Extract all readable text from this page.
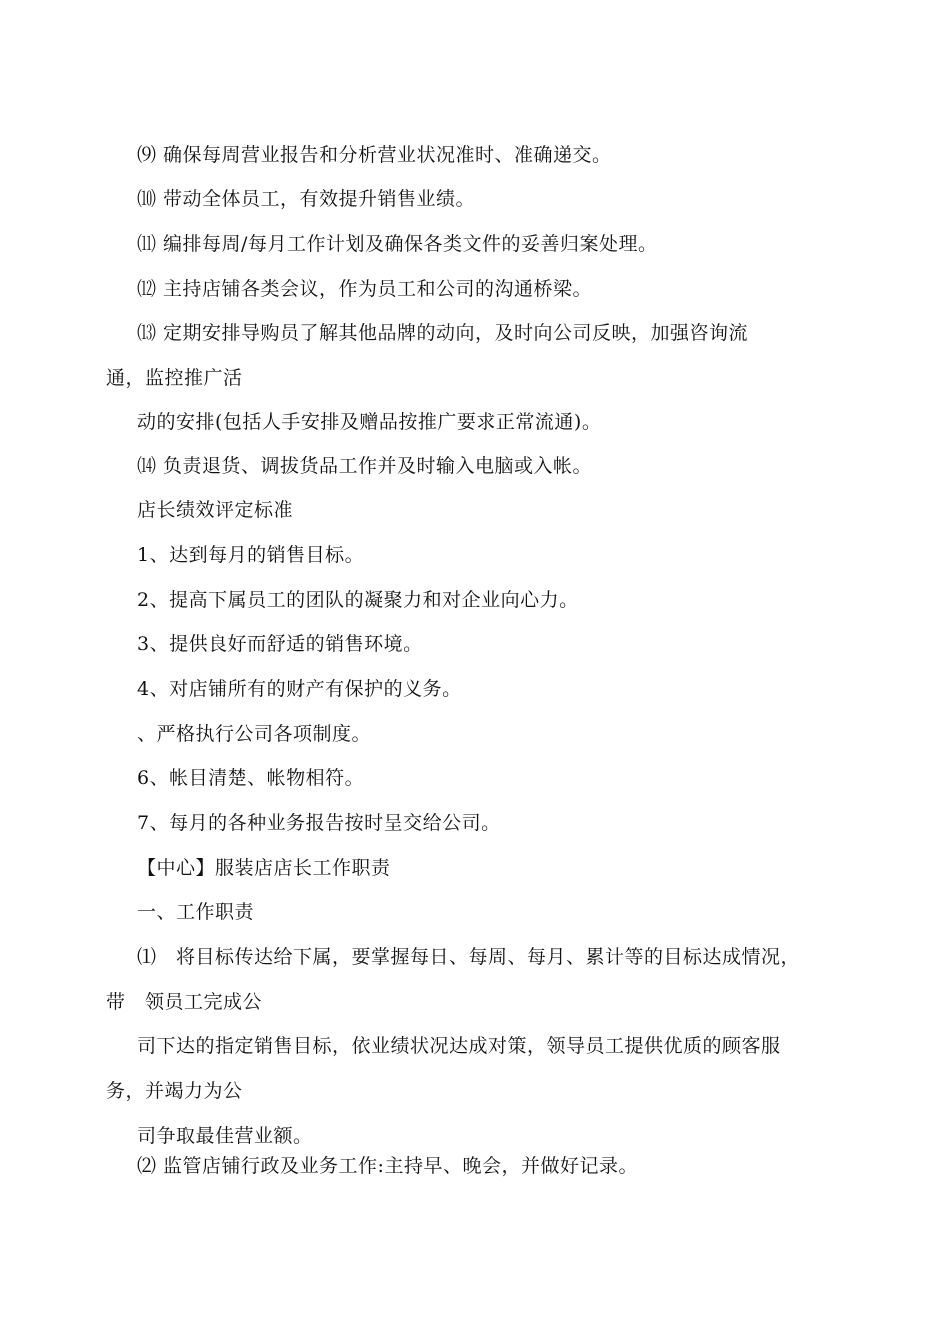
⑼ 确保每周营业报告和分析营业状况准时、准确递交。
⑽ 带动全体员工，有效提升销售业绩。
⑾ 编排每周/每月工作计划及确保各类文件的妥善归案处理。
⑿ 主持店铺各类会议，作为员工和公司的沟通桥梁。
⒀ 定期安排导购员了解其他品牌的动向，及时向公司反映，加强咨询流
通，监控推广活
动的安排(包括人手安排及赠品按推广要求正常流通)。
⒁ 负责退货、调拔货品工作并及时输入电脑或入帐。
店长绩效评定标准
1、达到每月的销售目标。
2、提高下属员工的团队的凝聚力和对企业向心力。
3、提供良好而舒适的销售环境。
4、对店铺所有的财产有保护的义务。
、严格执行公司各项制度。
6、帐目清楚、帐物相符。
7、每月的各种业务报告按时呈交给公司。
【中心】服装店店长工作职责
一、工作职责
⑴　将目标传达给下属，要掌握每日、每周、每月、累计等的目标达成情况，
带　领员工完成公
司下达的指定销售目标，依业绩状况达成对策，领导员工提供优质的顾客服
务，并竭力为公
司争取最佳营业额。
⑵ 监管店铺行政及业务工作:主持早、晚会，并做好记录。
